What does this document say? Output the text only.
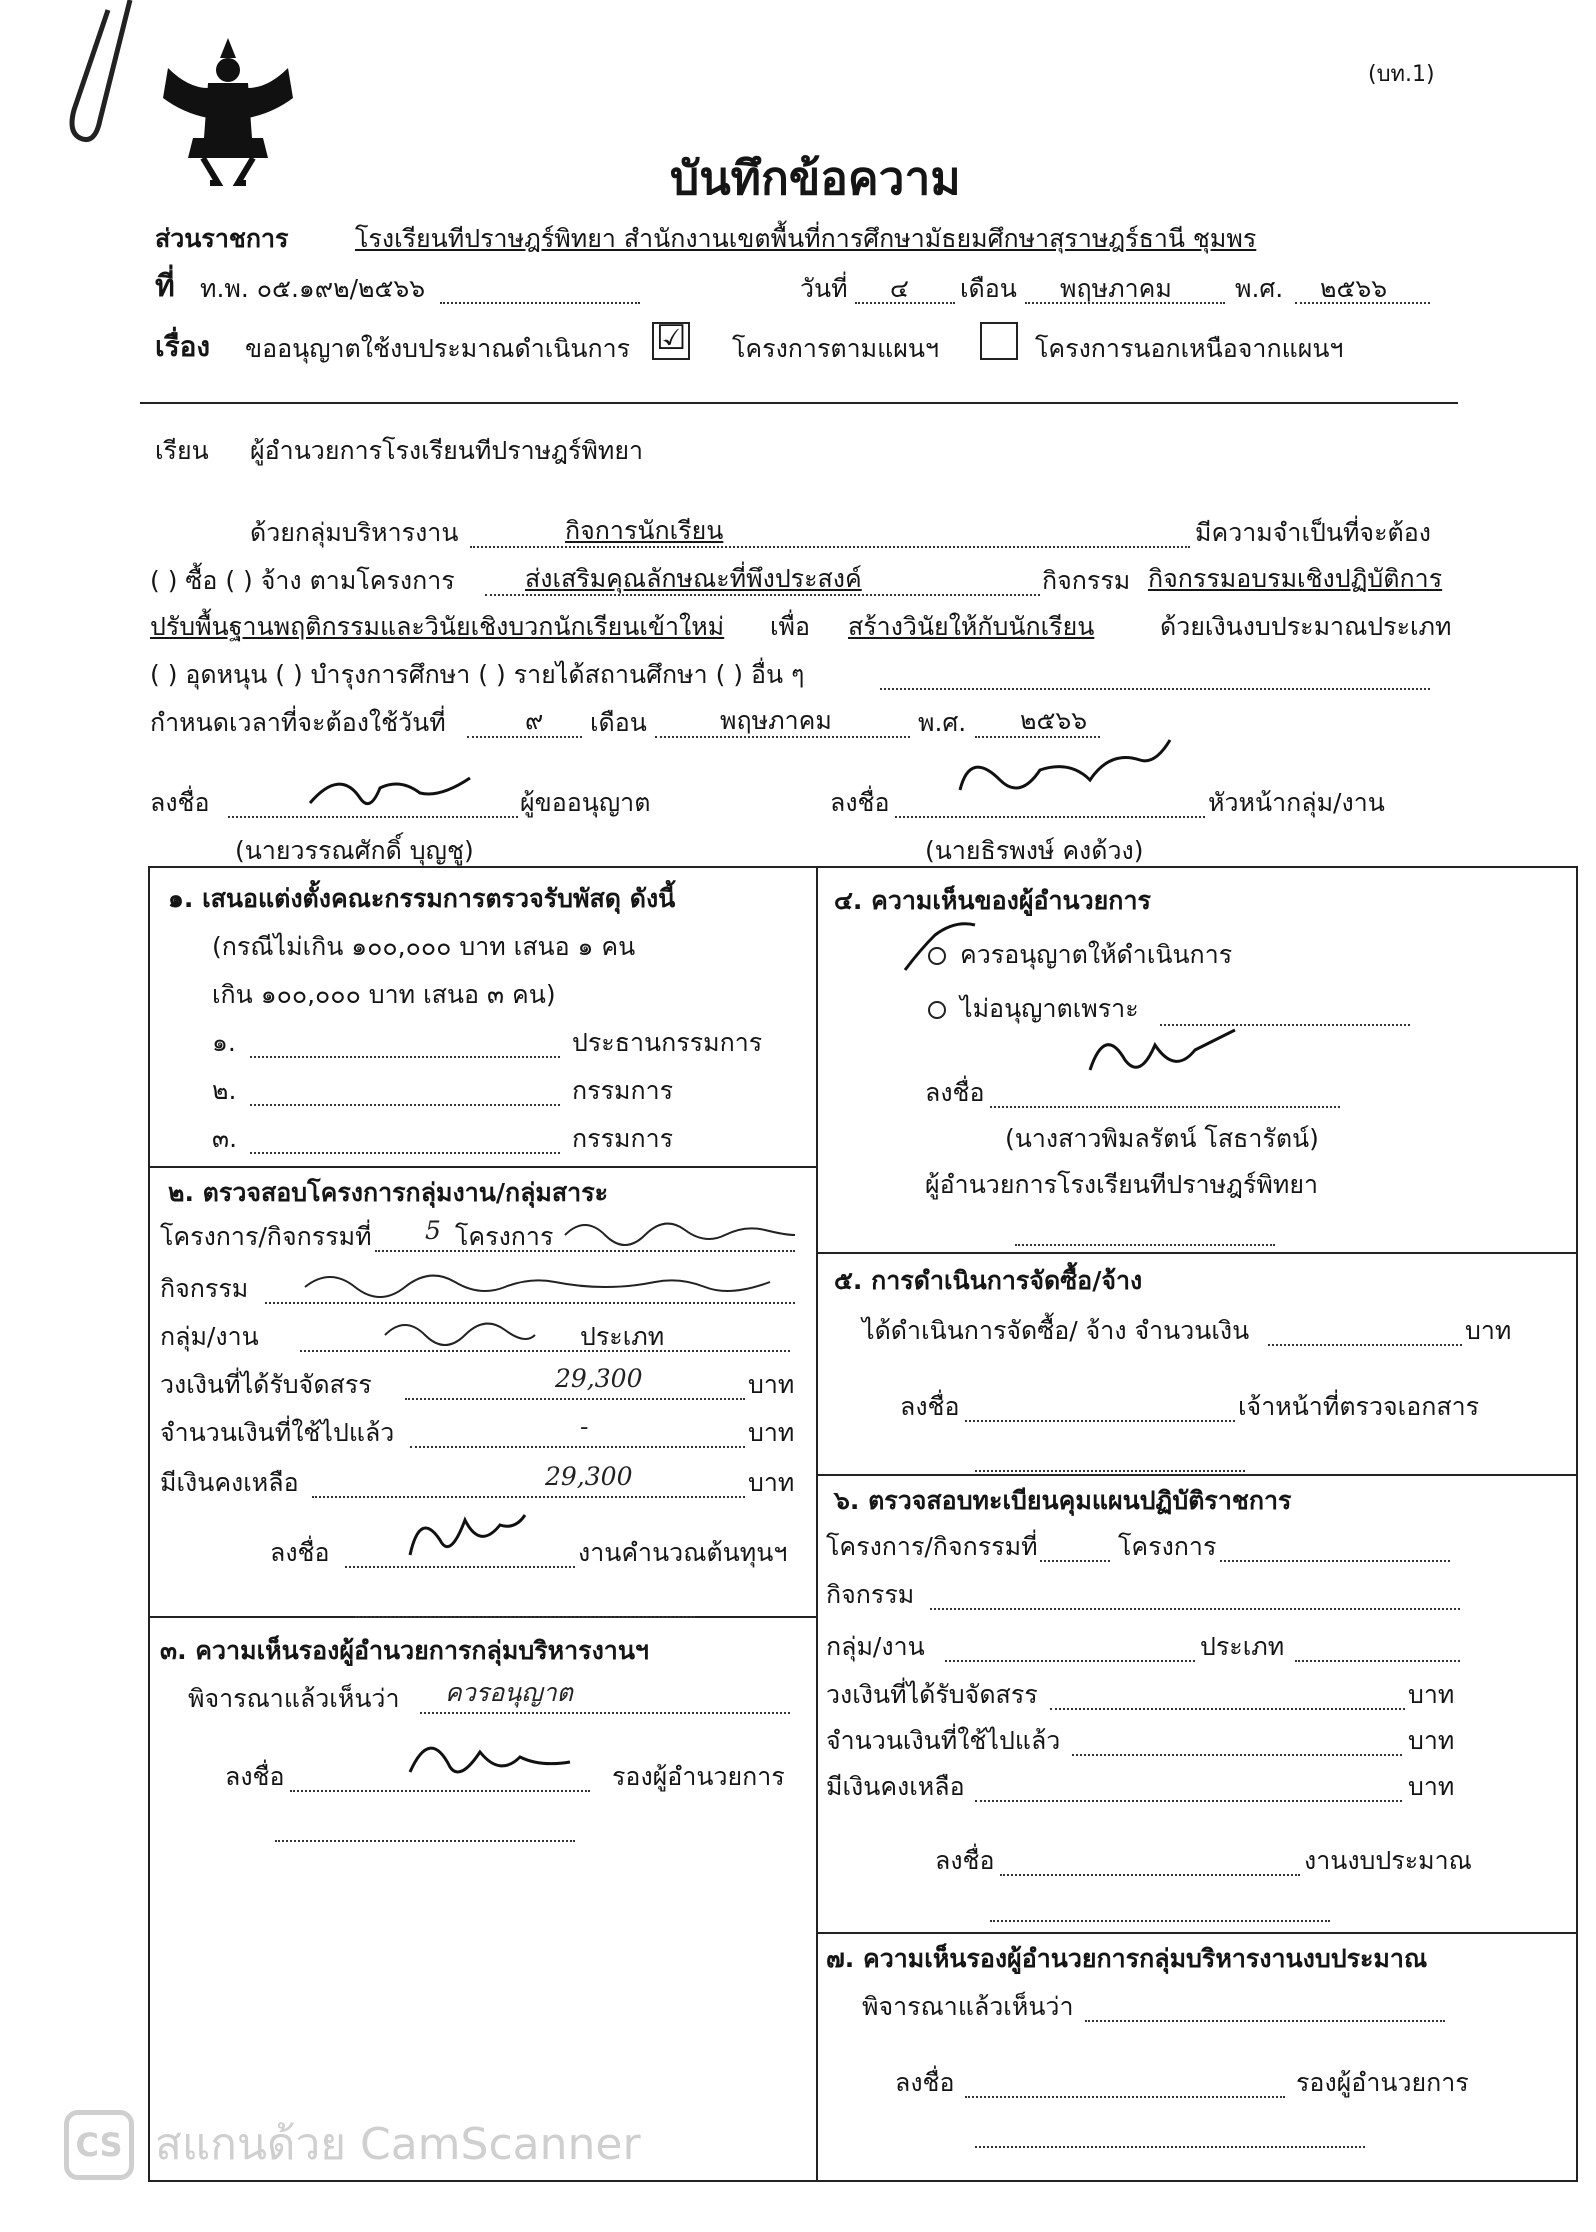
(บท.1)
บันทึกข้อความ
ส่วนราชการ	โรงเรียนทีปราษฎร์พิทยา สำนักงานเขตพื้นที่การศึกษามัธยมศึกษาสุราษฎร์ธานี ชุมพร
ที่ ท.พ. ๐๕.๑๙๒/๒๕๖๖	วันที่ ๔ เดือน พฤษภาคม	พ.ศ. ๒๕๖๖
เรื่อง ขออนุญาตใช้งบประมาณดำเนินการ ☑ โครงการตามแผนฯ	โครงการนอกเหนือจากแผนฯ
เรียน ผู้อำนวยการโรงเรียนทีปราษฎร์พิทยา
ด้วยกลุ่มบริหารงาน	กิจการนักเรียน	มีความจำเป็นที่จะต้อง
( ) ซื้อ ( ) จ้าง ตามโครงการ	ส่งเสริมคุณลักษณะที่พึงประสงค์	กิจกรรม กิจกรรมอบรมเชิงปฏิบัติการ
ปรับพื้นฐานพฤติกรรมและวินัยเชิงบวกนักเรียนเข้าใหม่ เพื่อ สร้างวินัยให้กับนักเรียน	ด้วยเงินงบประมาณประเภท
( ) อุดหนุน ( ) บำรุงการศึกษา ( ) รายได้สถานศึกษา ( ) อื่น ๆ
กำหนดเวลาที่จะต้องใช้วันที่	๙ เดือน	พฤษภาคม	พ.ศ. ๒๕๖๖
ลงชื่อ	ผู้ขออนุญาต
(นายวรรณศักดิ์ บุญชู)
ลงชื่อ	หัวหน้ากลุ่ม/งาน
(นายธิรพงษ์ คงด้วง)
๑. เสนอแต่งตั้งคณะกรรมการตรวจรับพัสดุ ดังนี้
(กรณีไม่เกิน ๑๐๐,๐๐๐ บาท เสนอ ๑ คน
เกิน ๑๐๐,๐๐๐ บาท เสนอ ๓ คน)
๑.	ประธานกรรมการ
๒.	กรรมการ
๓.	กรรมการ
๒. ตรวจสอบโครงการกลุ่มงาน/กลุ่มสาระ
โครงการ/กิจกรรมที่ 5 โครงการ
กิจกรรม
กลุ่ม/งาน	ประเภท
วงเงินที่ได้รับจัดสรร	29,300	บาท
จำนวนเงินที่ใช้ไปแล้ว	-	บาท
มีเงินคงเหลือ	29,300	บาท
ลงชื่อ	งานคำนวณต้นทุนฯ
๓. ความเห็นรองผู้อำนวยการกลุ่มบริหารงานฯ
พิจารณาแล้วเห็นว่า ควรอนุญาต
ลงชื่อ	รองผู้อำนวยการ
๔. ความเห็นของผู้อำนวยการ
ควรอนุญาตให้ดำเนินการ
ไม่อนุญาตเพราะ
ลงชื่อ
(นางสาวพิมลรัตน์ โสธารัตน์)
ผู้อำนวยการโรงเรียนทีปราษฎร์พิทยา
๕. การดำเนินการจัดซื้อ/จ้าง
ได้ดำเนินการจัดซื้อ/ จ้าง จำนวนเงิน	บาท
ลงชื่อ	เจ้าหน้าที่ตรวจเอกสาร
๖. ตรวจสอบทะเบียนคุมแผนปฏิบัติราชการ
โครงการ/กิจกรรมที่	โครงการ
กิจกรรม
กลุ่ม/งาน	ประเภท
วงเงินที่ได้รับจัดสรร	บาท
จำนวนเงินที่ใช้ไปแล้ว	บาท
มีเงินคงเหลือ	บาท
ลงชื่อ	งานงบประมาณ
๗. ความเห็นรองผู้อำนวยการกลุ่มบริหารงานงบประมาณ
พิจารณาแล้วเห็นว่า
ลงชื่อ	รองผู้อำนวยการ
CS สแกนด้วย CamScanner
